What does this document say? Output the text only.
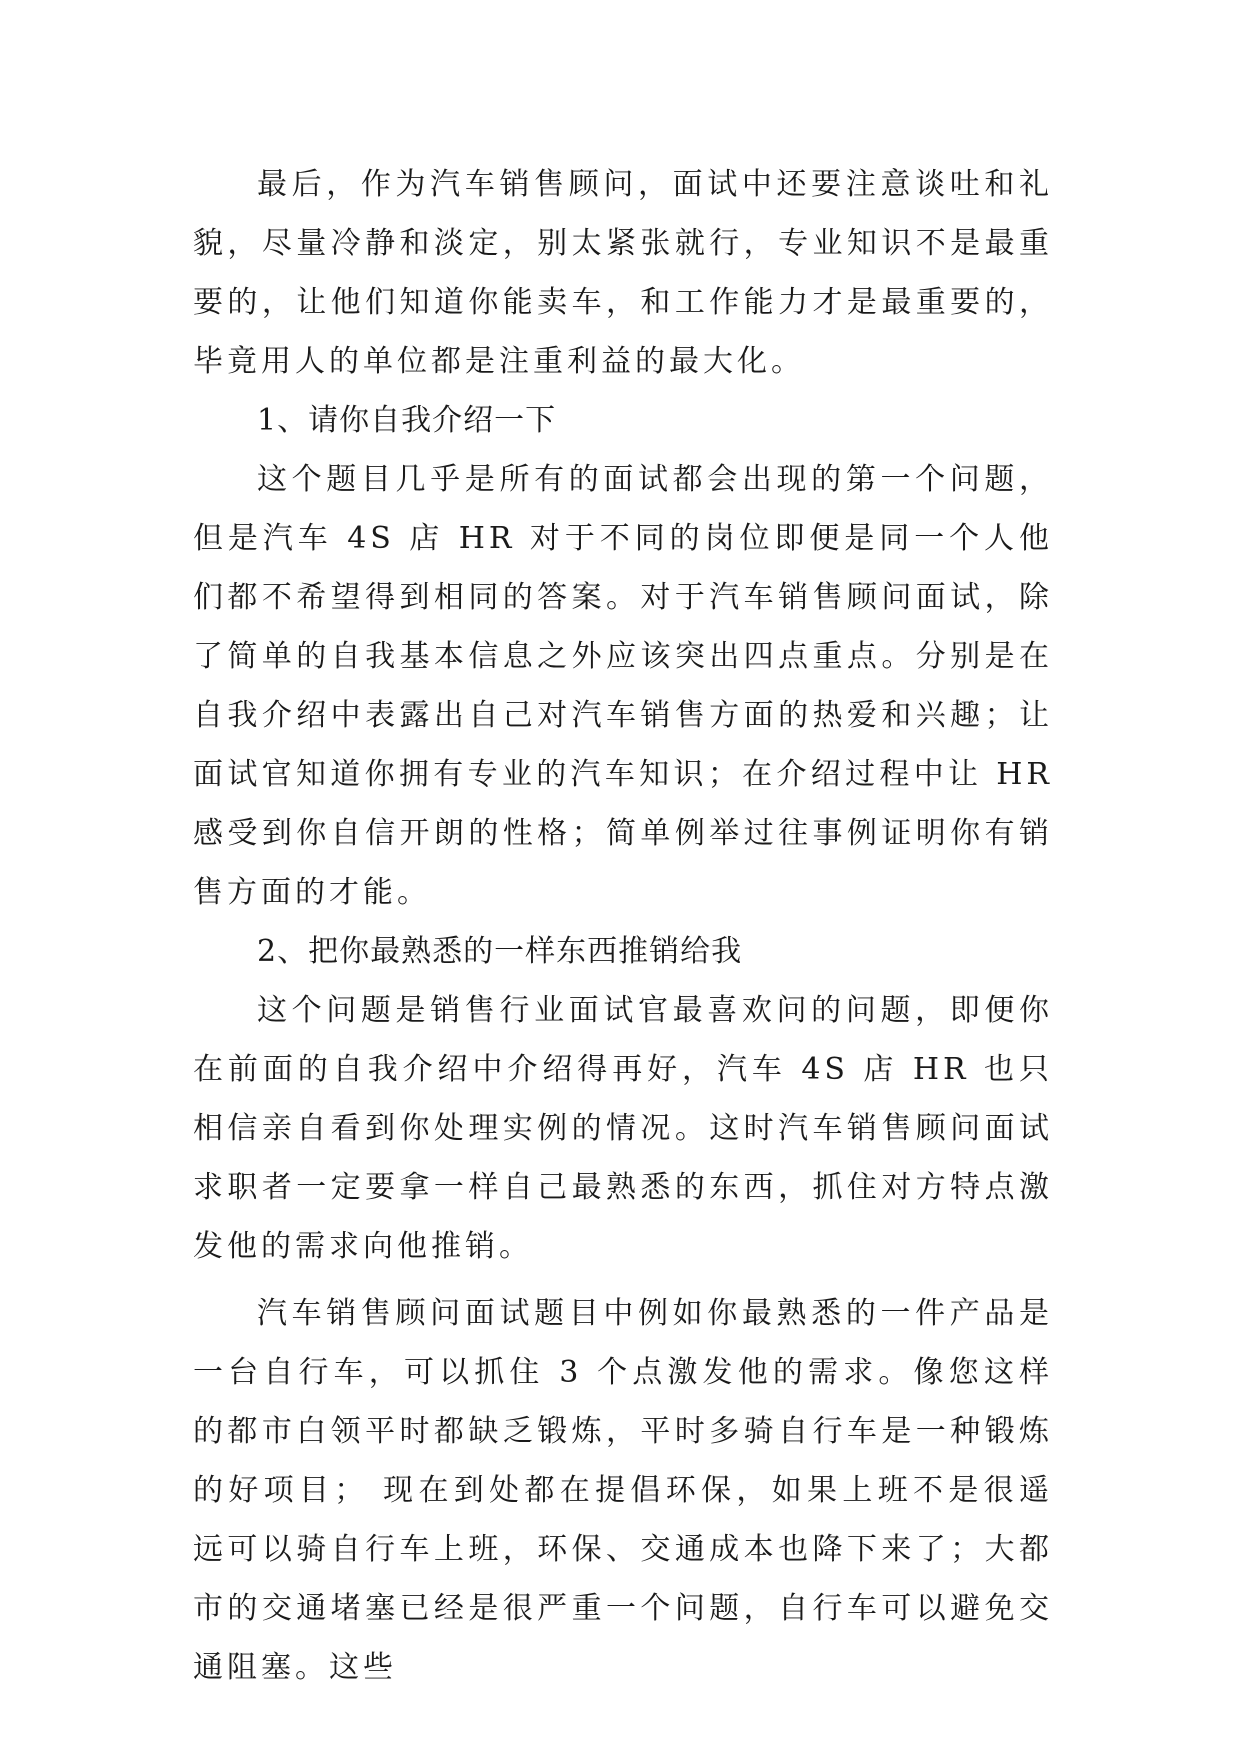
最后，作为汽车销售顾问，面试中还要注意谈吐和礼貌，尽量冷静和淡定，别太紧张就行，专业知识不是最重要的，让他们知道你能卖车，和工作能力才是最重要的，毕竟用人的单位都是注重利益的最大化。

1、请你自我介绍一下

这个题目几乎是所有的面试都会出现的第一个问题，但是汽车 4S 店 HR 对于不同的岗位即便是同一个人他们都不希望得到相同的答案。对于汽车销售顾问面试，除了简单的自我基本信息之外应该突出四点重点。分别是在自我介绍中表露出自己对汽车销售方面的热爱和兴趣；让面试官知道你拥有专业的汽车知识；在介绍过程中让 HR 感受到你自信开朗的性格；简单例举过往事例证明你有销售方面的才能。

2、把你最熟悉的一样东西推销给我

这个问题是销售行业面试官最喜欢问的问题，即便你在前面的自我介绍中介绍得再好，汽车 4S 店 HR 也只相信亲自看到你处理实例的情况。这时汽车销售顾问面试求职者一定要拿一样自己最熟悉的东西，抓住对方特点激发他的需求向他推销。

汽车销售顾问面试题目中例如你最熟悉的一件产品是一台自行车，可以抓住 3 个点激发他的需求。像您这样的都市白领平时都缺乏锻炼，平时多骑自行车是一种锻炼的好项目； 现在到处都在提倡环保，如果上班不是很遥远可以骑自行车上班，环保、交通成本也降下来了；大都市的交通堵塞已经是很严重一个问题，自行车可以避免交通阻塞。这些
